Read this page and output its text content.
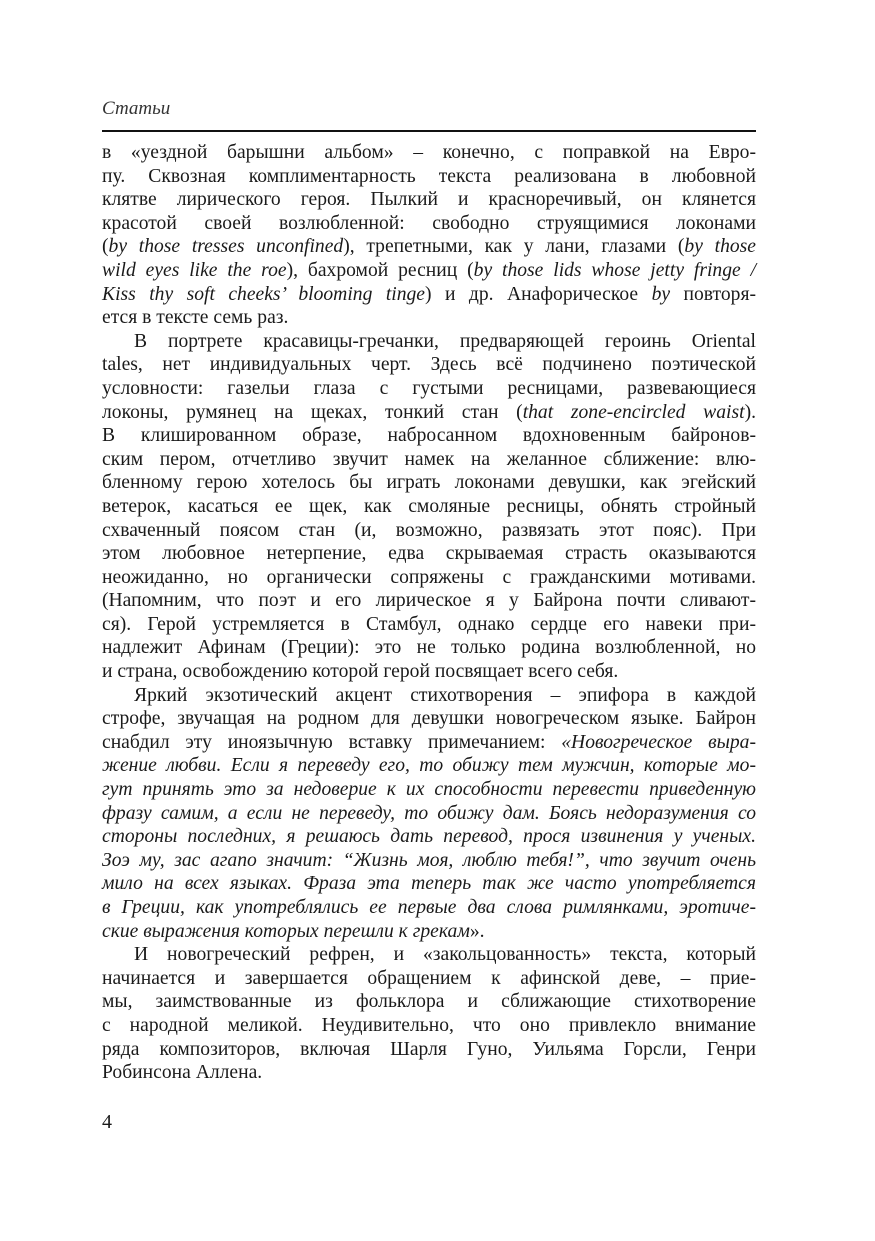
Статьи
в «уездной барышни альбом» – конечно, с поправкой на Евро-
пу. Сквозная комплиментарность текста реализована в любовной
клятве лирического героя. Пылкий и красноречивый, он клянется
красотой своей возлюбленной: свободно струящимися локонами
(by those tresses unconfined), трепетными, как у лани, глазами (by those
wild eyes like the roe), бахромой ресниц (by those lids whose jetty fringe /
Kiss thy soft cheeks’ blooming tinge) и др. Анафорическое by повторя-
ется в тексте семь раз.
В портрете красавицы-гречанки, предваряющей героинь Oriental
tales, нет индивидуальных черт. Здесь всё подчинено поэтической
условности: газельи глаза с густыми ресницами, развевающиеся
локоны, румянец на щеках, тонкий стан (that zone-encircled waist).
В клишированном образе, набросанном вдохновенным байронов-
ским пером, отчетливо звучит намек на желанное сближение: влю-
бленному герою хотелось бы играть локонами девушки, как эгейский
ветерок, касаться ее щек, как смоляные ресницы, обнять стройный
схваченный поясом стан (и, возможно, развязать этот пояс). При
этом любовное нетерпение, едва скрываемая страсть оказываются
неожиданно, но органически сопряжены с гражданскими мотивами.
(Напомним, что поэт и его лирическое я у Байрона почти сливают-
ся). Герой устремляется в Стамбул, однако сердце его навеки при-
надлежит Афинам (Греции): это не только родина возлюбленной, но
и страна, освобождению которой герой посвящает всего себя.
Яркий экзотический акцент стихотворения – эпифора в каждой
строфе, звучащая на родном для девушки новогреческом языке. Байрон
снабдил эту иноязычную вставку примечанием: «Новогреческое выра-
жение любви. Если я переведу его, то обижу тем мужчин, которые мо-
гут принять это за недоверие к их способности перевести приведенную
фразу самим, а если не переведу, то обижу дам. Боясь недоразумения со
стороны последних, я решаюсь дать перевод, прося извинения у ученых.
Зоэ му, зас агапо значит: “Жизнь моя, люблю тебя!”, что звучит очень
мило на всех языках. Фраза эта теперь так же часто употребляется
в Греции, как употреблялись ее первые два слова римлянками, эротиче-
ские выражения которых перешли к грекам».
И новогреческий рефрен, и «закольцованность» текста, который
начинается и завершается обращением к афинской деве, – прие-
мы, заимствованные из фольклора и сближающие стихотворение
с народной меликой. Неудивительно, что оно привлекло внимание
ряда композиторов, включая Шарля Гуно, Уильяма Горсли, Генри
Робинсона Аллена.
4
